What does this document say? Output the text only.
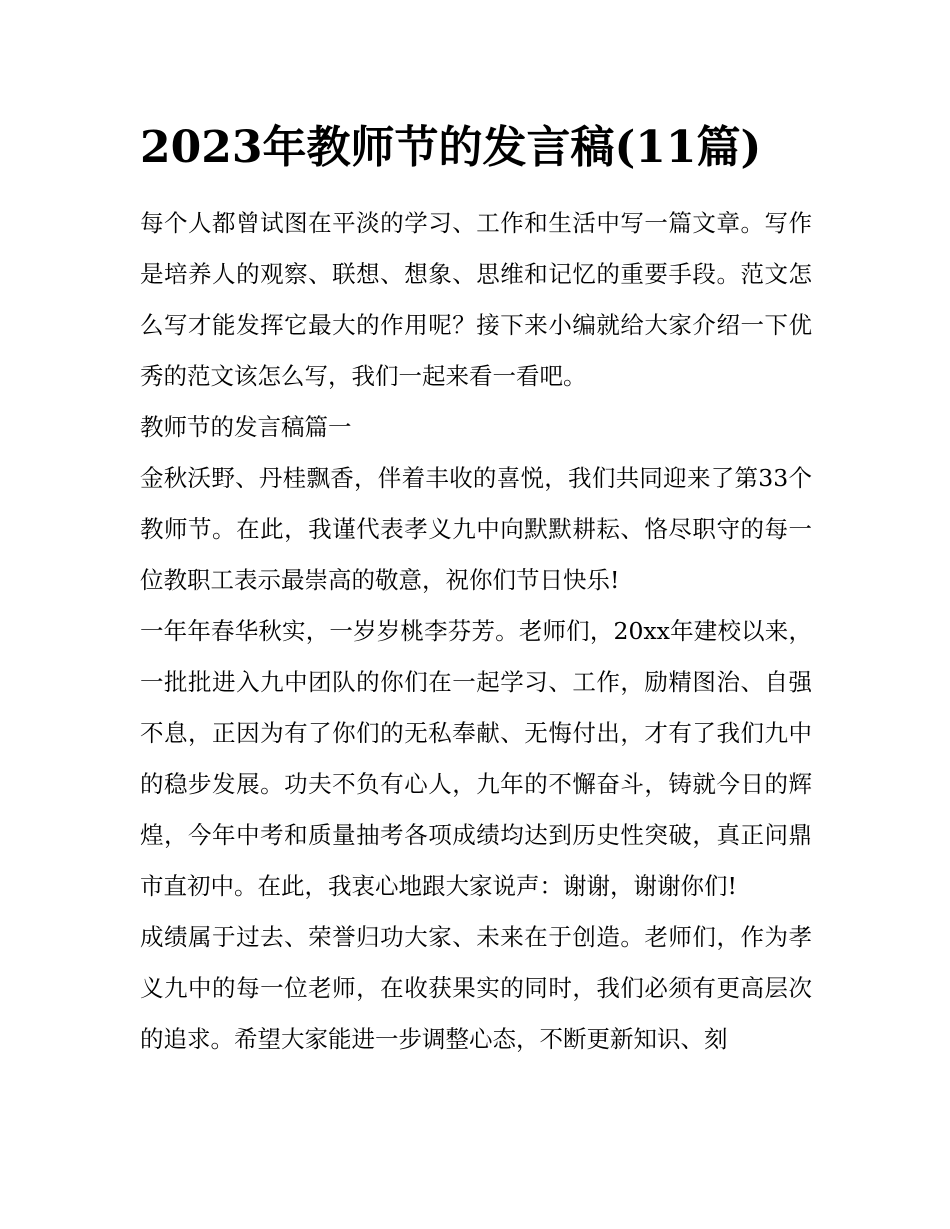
2023年教师节的发言稿(11篇)

每个人都曾试图在平淡的学习、工作和生活中写一篇文章。写作是培养人的观察、联想、想象、思维和记忆的重要手段。范文怎么写才能发挥它最大的作用呢？接下来小编就给大家介绍一下优秀的范文该怎么写，我们一起来看一看吧。

教师节的发言稿篇一

金秋沃野、丹桂飘香，伴着丰收的喜悦，我们共同迎来了第33个教师节。在此，我谨代表孝义九中向默默耕耘、恪尽职守的每一位教职工表示最崇高的敬意，祝你们节日快乐!

一年年春华秋实，一岁岁桃李芬芳。老师们，20xx年建校以来，一批批进入九中团队的你们在一起学习、工作，励精图治、自强不息，正因为有了你们的无私奉献、无悔付出，才有了我们九中的稳步发展。功夫不负有心人，九年的不懈奋斗，铸就今日的辉煌，今年中考和质量抽考各项成绩均达到历史性突破，真正问鼎市直初中。在此，我衷心地跟大家说声：谢谢，谢谢你们!

成绩属于过去、荣誉归功大家、未来在于创造。老师们，作为孝义九中的每一位老师，在收获果实的同时，我们必须有更高层次的追求。希望大家能进一步调整心态，不断更新知识、刻
